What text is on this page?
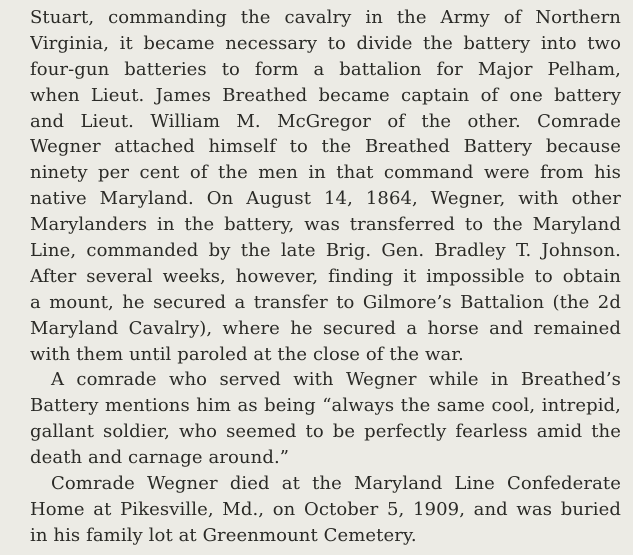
Stuart, commanding the cavalry in the Army of Northern
Virginia, it became necessary to divide the battery into two
four-gun batteries to form a battalion for Major Pelham,
when Lieut. James Breathed became captain of one battery
and Lieut. William M. McGregor of the other. Comrade
Wegner attached himself to the Breathed Battery because
ninety per cent of the men in that command were from his
native Maryland. On August 14, 1864, Wegner, with other
Marylanders in the battery, was transferred to the Maryland
Line, commanded by the late Brig. Gen. Bradley T. Johnson.
After several weeks, however, finding it impossible to obtain
a mount, he secured a transfer to Gilmore’s Battalion (the 2d
Maryland Cavalry), where he secured a horse and remained
with them until paroled at the close of the war.
A comrade who served with Wegner while in Breathed’s
Battery mentions him as being “always the same cool, intrepid,
gallant soldier, who seemed to be perfectly fearless amid the
death and carnage around.”
Comrade Wegner died at the Maryland Line Confederate
Home at Pikesville, Md., on October 5, 1909, and was buried
in his family lot at Greenmount Cemetery.
